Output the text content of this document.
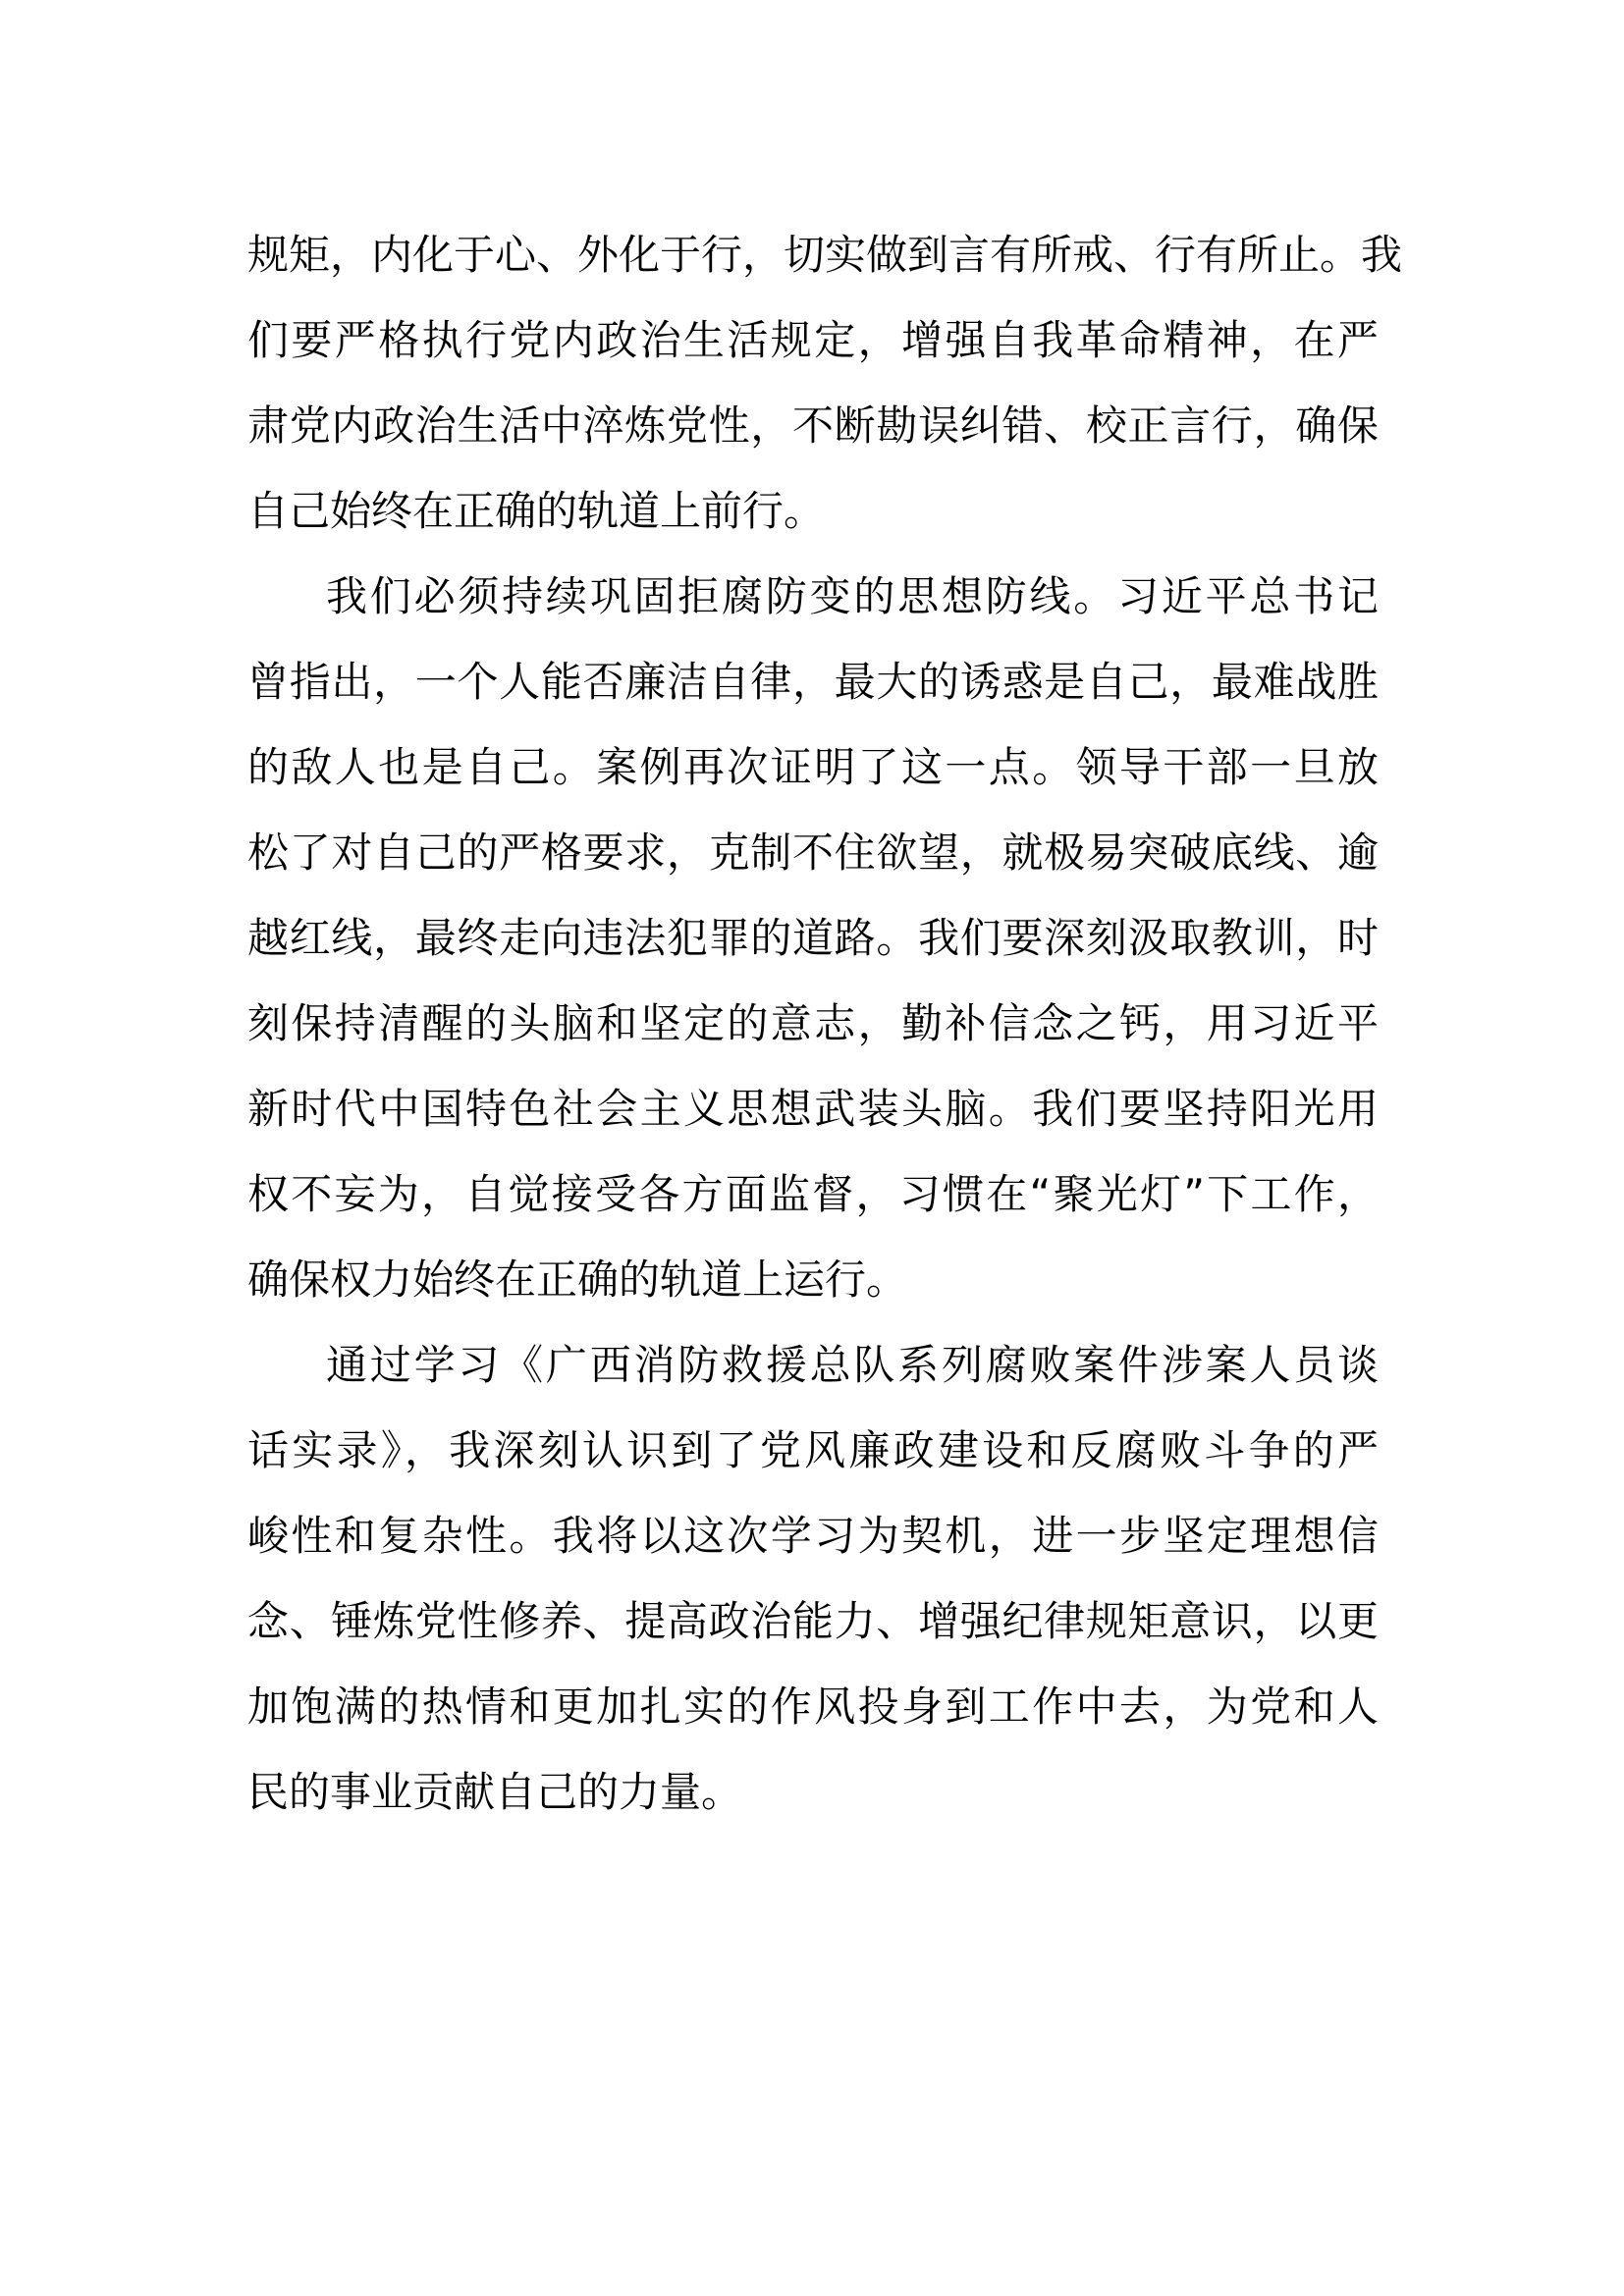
规矩，内化于心、外化于行，切实做到言有所戒、行有所止。我
们要严格执行党内政治生活规定，增强自我革命精神，在严
肃党内政治生活中淬炼党性，不断勘误纠错、校正言行，确保
自己始终在正确的轨道上前行。
我们必须持续巩固拒腐防变的思想防线。习近平总书记
曾指出，一个人能否廉洁自律，最大的诱惑是自己，最难战胜
的敌人也是自己。案例再次证明了这一点。领导干部一旦放
松了对自己的严格要求，克制不住欲望，就极易突破底线、逾
越红线，最终走向违法犯罪的道路。我们要深刻汲取教训，时
刻保持清醒的头脑和坚定的意志，勤补信念之钙，用习近平
新时代中国特色社会主义思想武装头脑。我们要坚持阳光用
权不妄为，自觉接受各方面监督，习惯在“聚光灯”下工作，
确保权力始终在正确的轨道上运行。
通过学习《广西消防救援总队系列腐败案件涉案人员谈
话实录》，我深刻认识到了党风廉政建设和反腐败斗争的严
峻性和复杂性。我将以这次学习为契机，进一步坚定理想信
念、锤炼党性修养、提高政治能力、增强纪律规矩意识，以更
加饱满的热情和更加扎实的作风投身到工作中去，为党和人
民的事业贡献自己的力量。
